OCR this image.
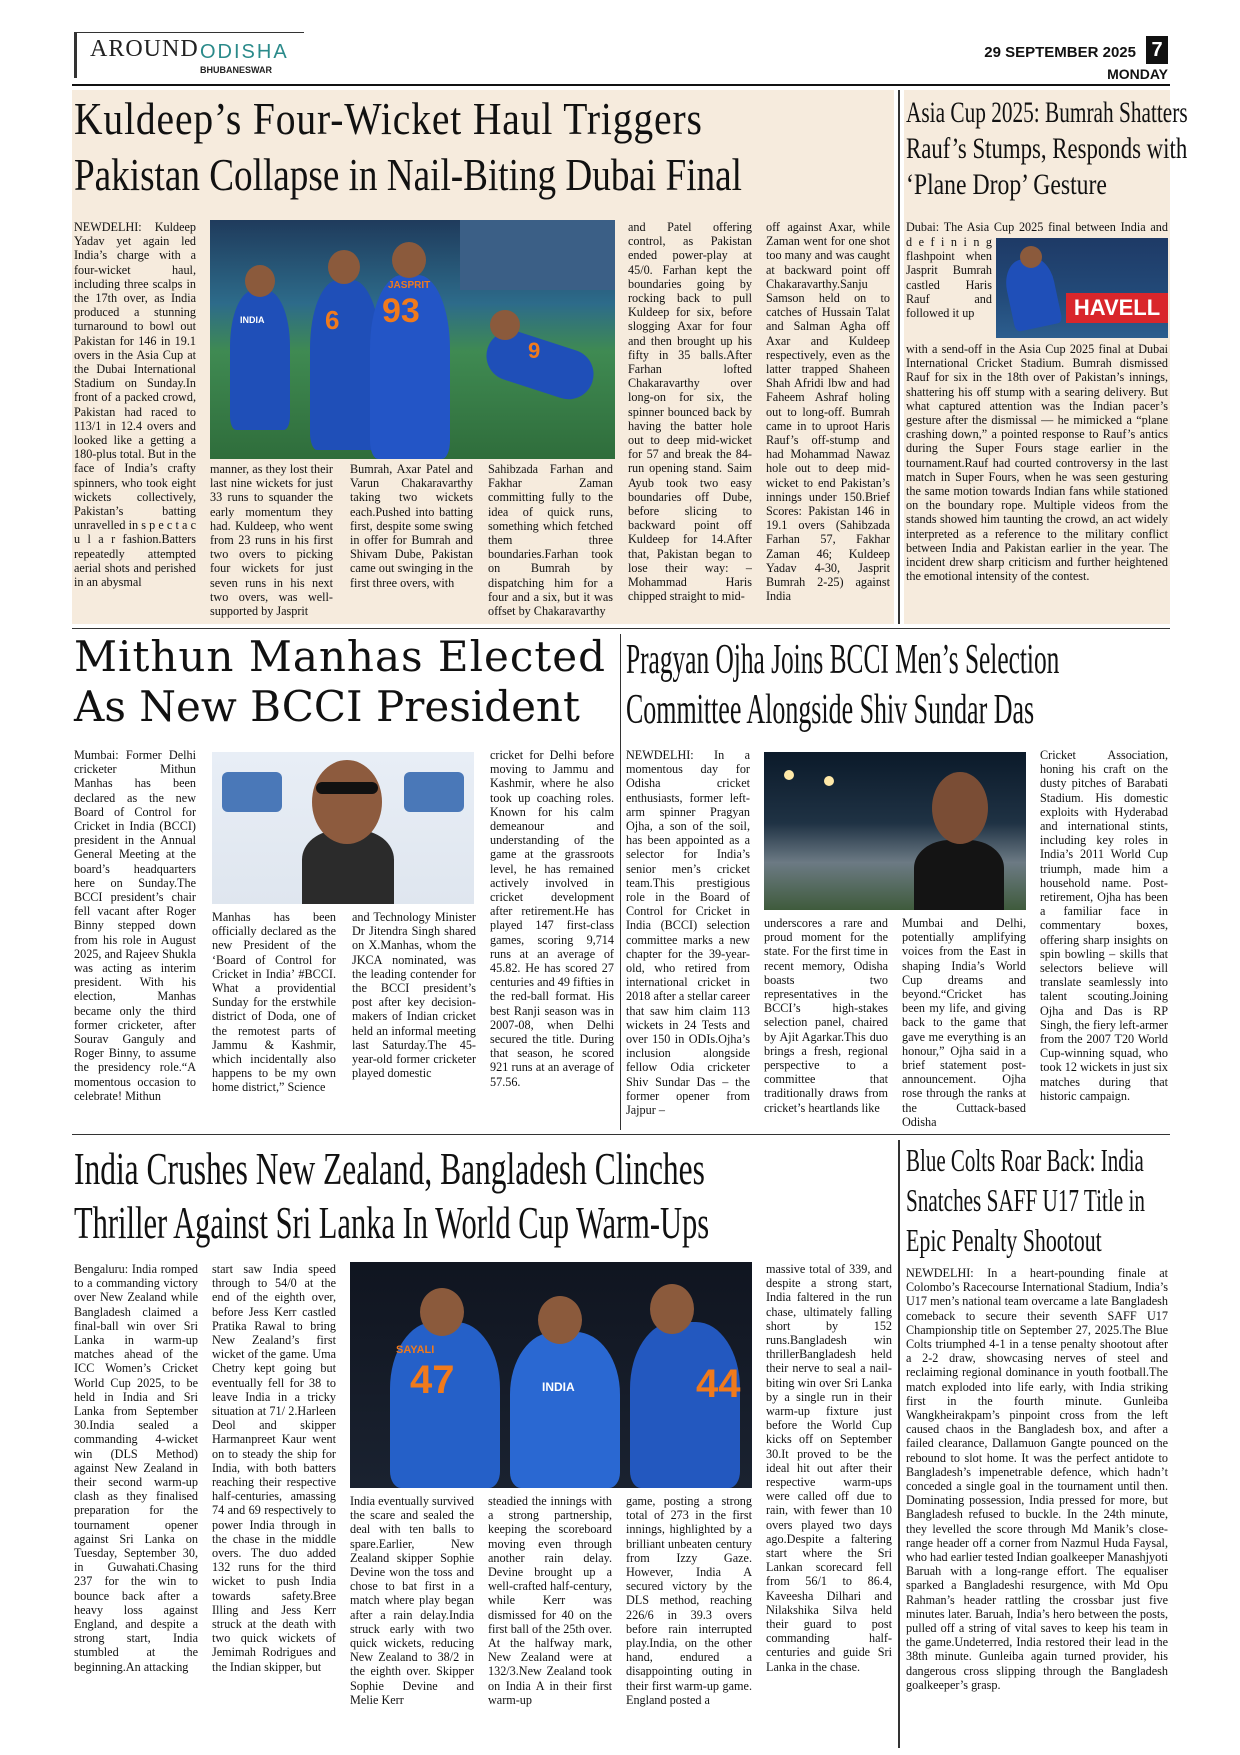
AROUND ODISHA
BHUBANESWAR
29 SEPTEMBER 2025 7
MONDAY
Kuldeep’s Four-Wicket Haul Triggers
Pakistan Collapse in Nail-Biting Dubai Final
NEWDELHI: Kuldeep Yadav yet again led India’s charge with a four-wicket haul, including three scalps in the 17th over, as India produced a stunning turnaround to bowl out Pakistan for 146 in 19.1 overs in the Asia Cup at the Dubai International Stadium on Sunday.In front of a packed crowd, Pakistan had raced to 113/1 in 12.4 overs and looked like a getting a 180-plus total. But in the face of India’s crafty spinners, who took eight wickets collectively, Pakistan’s batting unravelled in s p e c t a c u l a r fashion.Batters repeatedly attempted aerial shots and perished in an abysmal
6
JASPRIT
93
INDIA
9
manner, as they lost their last nine wickets for just 33 runs to squander the early momentum they had. Kuldeep, who went from 23 runs in his first two overs to picking four wickets for just seven runs in his next two overs, was well-supported by Jasprit
Bumrah, Axar Patel and Varun Chakaravarthy taking two wickets each.Pushed into batting first, despite some swing in offer for Bumrah and Shivam Dube, Pakistan came out swinging in the first three overs, with
Sahibzada Farhan and Fakhar Zaman committing fully to the idea of quick runs, something which fetched them three boundaries.Farhan took on Bumrah by dispatching him for a four and a six, but it was offset by Chakaravarthy
and Patel offering control, as Pakistan ended power-play at 45/0. Farhan kept the boundaries going by rocking back to pull Kuldeep for six, before slogging Axar for four and then brought up his fifty in 35 balls.After Farhan lofted Chakaravarthy over long-on for six, the spinner bounced back by having the batter hole out to deep mid-wicket for 57 and break the 84-run opening stand. Saim Ayub took two easy boundaries off Dube, before slicing to backward point off Kuldeep for 14.After that, Pakistan began to lose their way: – Mohammad Haris chipped straight to mid-
off against Axar, while Zaman went for one shot too many and was caught at backward point off Chakaravarthy.Sanju Samson held on to catches of Hussain Talat and Salman Agha off Axar and Kuldeep respectively, even as the latter trapped Shaheen Shah Afridi lbw and had Faheem Ashraf holing out to long-off. Bumrah came in to uproot Haris Rauf’s off-stump and had Mohammad Nawaz hole out to deep mid-wicket to end Pakistan’s innings under 150.Brief Scores: Pakistan 146 in 19.1 overs (Sahibzada Farhan 57, Fakhar Zaman 46; Kuldeep Yadav 4-30, Jasprit Bumrah 2-25) against India
Asia Cup 2025: Bumrah Shatters
Rauf’s Stumps, Responds with
‘Plane Drop’ Gesture
Dubai: The Asia Cup 2025 final between India and
d e f i n i n g flashpoint when Jasprit Bumrah castled Haris Rauf and followed it up	HAVELL
with a send-off in the Asia Cup 2025 final at Dubai International Cricket Stadium. Bumrah dismissed Rauf for six in the 18th over of Pakistan’s innings, shattering his off stump with a searing delivery. But what captured attention was the Indian pacer’s gesture after the dismissal — he mimicked a “plane crashing down,” a pointed response to Rauf’s antics during the Super Fours stage earlier in the tournament.Rauf had courted controversy in the last match in Super Fours, when he was seen gesturing the same motion towards Indian fans while stationed on the boundary rope. Multiple videos from the stands showed him taunting the crowd, an act widely interpreted as a reference to the military conflict between India and Pakistan earlier in the year. The incident drew sharp criticism and further heightened the emotional intensity of the contest.
Mithun Manhas Elected
As New BCCI President
Mumbai: Former Delhi cricketer Mithun Manhas has been declared as the new Board of Control for Cricket in India (BCCI) president in the Annual General Meeting at the board’s headquarters here on Sunday.The BCCI president’s chair fell vacant after Roger Binny stepped down from his role in August 2025, and Rajeev Shukla was acting as interim president. With his election, Manhas became only the third former cricketer, after Sourav Ganguly and Roger Binny, to assume the presidency role.“A momentous occasion to celebrate! Mithun
Manhas has been officially declared as the new President of the ‘Board of Control for Cricket in India’ #BCCI. What a providential Sunday for the erstwhile district of Doda, one of the remotest parts of Jammu & Kashmir, which incidentally also happens to be my own home district,” Science
and Technology Minister Dr Jitendra Singh shared on X.Manhas, whom the JKCA nominated, was the leading contender for the BCCI president’s post after key decision-makers of Indian cricket held an informal meeting last Saturday.The 45-year-old former cricketer played domestic
cricket for Delhi before moving to Jammu and Kashmir, where he also took up coaching roles. Known for his calm demeanour and understanding of the game at the grassroots level, he has remained actively involved in cricket development after retirement.He has played 147 first-class games, scoring 9,714 runs at an average of 45.82. He has scored 27 centuries and 49 fifties in the red-ball format. His best Ranji season was in 2007-08, when Delhi secured the title. During that season, he scored 921 runs at an average of 57.56.
Pragyan Ojha Joins BCCI Men’s Selection
Committee Alongside Shiv Sundar Das
NEWDELHI: In a momentous day for Odisha cricket enthusiasts, former left-arm spinner Pragyan Ojha, a son of the soil, has been appointed as a selector for India’s senior men’s cricket team.This prestigious role in the Board of Control for Cricket in India (BCCI) selection committee marks a new chapter for the 39-year-old, who retired from international cricket in 2018 after a stellar career that saw him claim 113 wickets in 24 Tests and over 150 in ODIs.Ojha’s inclusion alongside fellow Odia cricketer Shiv Sundar Das – the former opener from Jajpur –
underscores a rare and proud moment for the state. For the first time in recent memory, Odisha boasts two representatives in the BCCI’s high-stakes selection panel, chaired by Ajit Agarkar.This duo brings a fresh, regional perspective to a committee that traditionally draws from cricket’s heartlands like
Mumbai and Delhi, potentially amplifying voices from the East in shaping India’s World Cup dreams and beyond.“Cricket has been my life, and giving back to the game that gave me everything is an honour,” Ojha said in a brief statement post-announcement. Ojha rose through the ranks at the Cuttack-based Odisha
Cricket Association, honing his craft on the dusty pitches of Barabati Stadium. His domestic exploits with Hyderabad and international stints, including key roles in India’s 2011 World Cup triumph, made him a household name. Post-retirement, Ojha has been a familiar face in commentary boxes, offering sharp insights on spin bowling – skills that selectors believe will translate seamlessly into talent scouting.Joining Ojha and Das is RP Singh, the fiery left-armer from the 2007 T20 World Cup-winning squad, who took 12 wickets in just six matches during that historic campaign.
India Crushes New Zealand, Bangladesh Clinches
Thriller Against Sri Lanka In World Cup Warm-Ups
Bengaluru: India romped to a commanding victory over New Zealand while Bangladesh claimed a final-ball win over Sri Lanka in warm-up matches ahead of the ICC Women’s Cricket World Cup 2025, to be held in India and Sri Lanka from September 30.India sealed a commanding 4-wicket win (DLS Method) against New Zealand in their second warm-up clash as they finalised preparation for the tournament opener against Sri Lanka on Tuesday, September 30, in Guwahati.Chasing 237 for the win to bounce back after a heavy loss against England, and despite a strong start, India stumbled at the beginning.An attacking
start saw India speed through to 54/0 at the end of the eighth over, before Jess Kerr castled Pratika Rawal to bring New Zealand’s first wicket of the game. Uma Chetry kept going but eventually fell for 38 to leave India in a tricky situation at 71/ 2.Harleen Deol and skipper Harmanpreet Kaur went on to steady the ship for India, with both batters reaching their respective half-centuries, amassing 74 and 69 respectively to power India through in the chase in the middle overs. The duo added 132 runs for the third wicket to push India towards safety.Bree Illing and Jess Kerr struck at the death with two quick wickets of Jemimah Rodrigues and the Indian skipper, but
SAYALI
47	INDIA	44
India eventually survived the scare and sealed the deal with ten balls to spare.Earlier, New Zealand skipper Sophie Devine won the toss and chose to bat first in a match where play began after a rain delay.India struck early with two quick wickets, reducing New Zealand to 38/2 in the eighth over. Skipper Sophie Devine and Melie Kerr
steadied the innings with a strong partnership, keeping the scoreboard moving even through another rain delay. Devine brought up a well-crafted half-century, while Kerr was dismissed for 40 on the first ball of the 25th over. At the halfway mark, New Zealand were at 132/3.New Zealand took on India A in their first warm-up
game, posting a strong total of 273 in the first innings, highlighted by a brilliant unbeaten century from Izzy Gaze. However, India A secured victory by the DLS method, reaching 226/6 in 39.3 overs before rain interrupted play.India, on the other hand, endured a disappointing outing in their first warm-up game. England posted a
massive total of 339, and despite a strong start, India faltered in the run chase, ultimately falling short by 152 runs.Bangladesh win thrillerBangladesh held their nerve to seal a nail-biting win over Sri Lanka by a single run in their warm-up fixture just before the World Cup kicks off on September 30.It proved to be the ideal hit out after their respective warm-ups were called off due to rain, with fewer than 10 overs played two days ago.Despite a faltering start where the Sri Lankan scorecard fell from 56/1 to 86.4, Kaveesha Dilhari and Nilakshika Silva held their guard to post commanding half-centuries and guide Sri Lanka in the chase.
Blue Colts Roar Back: India
Snatches SAFF U17 Title in
Epic Penalty Shootout
NEWDELHI: In a heart-pounding finale at Colombo’s Racecourse International Stadium, India’s U17 men’s national team overcame a late Bangladesh comeback to secure their seventh SAFF U17 Championship title on September 27, 2025.The Blue Colts triumphed 4-1 in a tense penalty shootout after a 2-2 draw, showcasing nerves of steel and reclaiming regional dominance in youth football.The match exploded into life early, with India striking first in the fourth minute. Gunleiba Wangkheirakpam’s pinpoint cross from the left caused chaos in the Bangladesh box, and after a failed clearance, Dallamuon Gangte pounced on the rebound to slot home. It was the perfect antidote to Bangladesh’s impenetrable defence, which hadn’t conceded a single goal in the tournament until then. Dominating possession, India pressed for more, but Bangladesh refused to buckle. In the 24th minute, they levelled the score through Md Manik’s close-range header off a corner from Nazmul Huda Faysal, who had earlier tested Indian goalkeeper Manashjyoti Baruah with a long-range effort. The equaliser sparked a Bangladeshi resurgence, with Md Opu Rahman’s header rattling the crossbar just five minutes later. Baruah, India’s hero between the posts, pulled off a string of vital saves to keep his team in the game.Undeterred, India restored their lead in the 38th minute. Gunleiba again turned provider, his dangerous cross slipping through the Bangladesh goalkeeper’s grasp.
